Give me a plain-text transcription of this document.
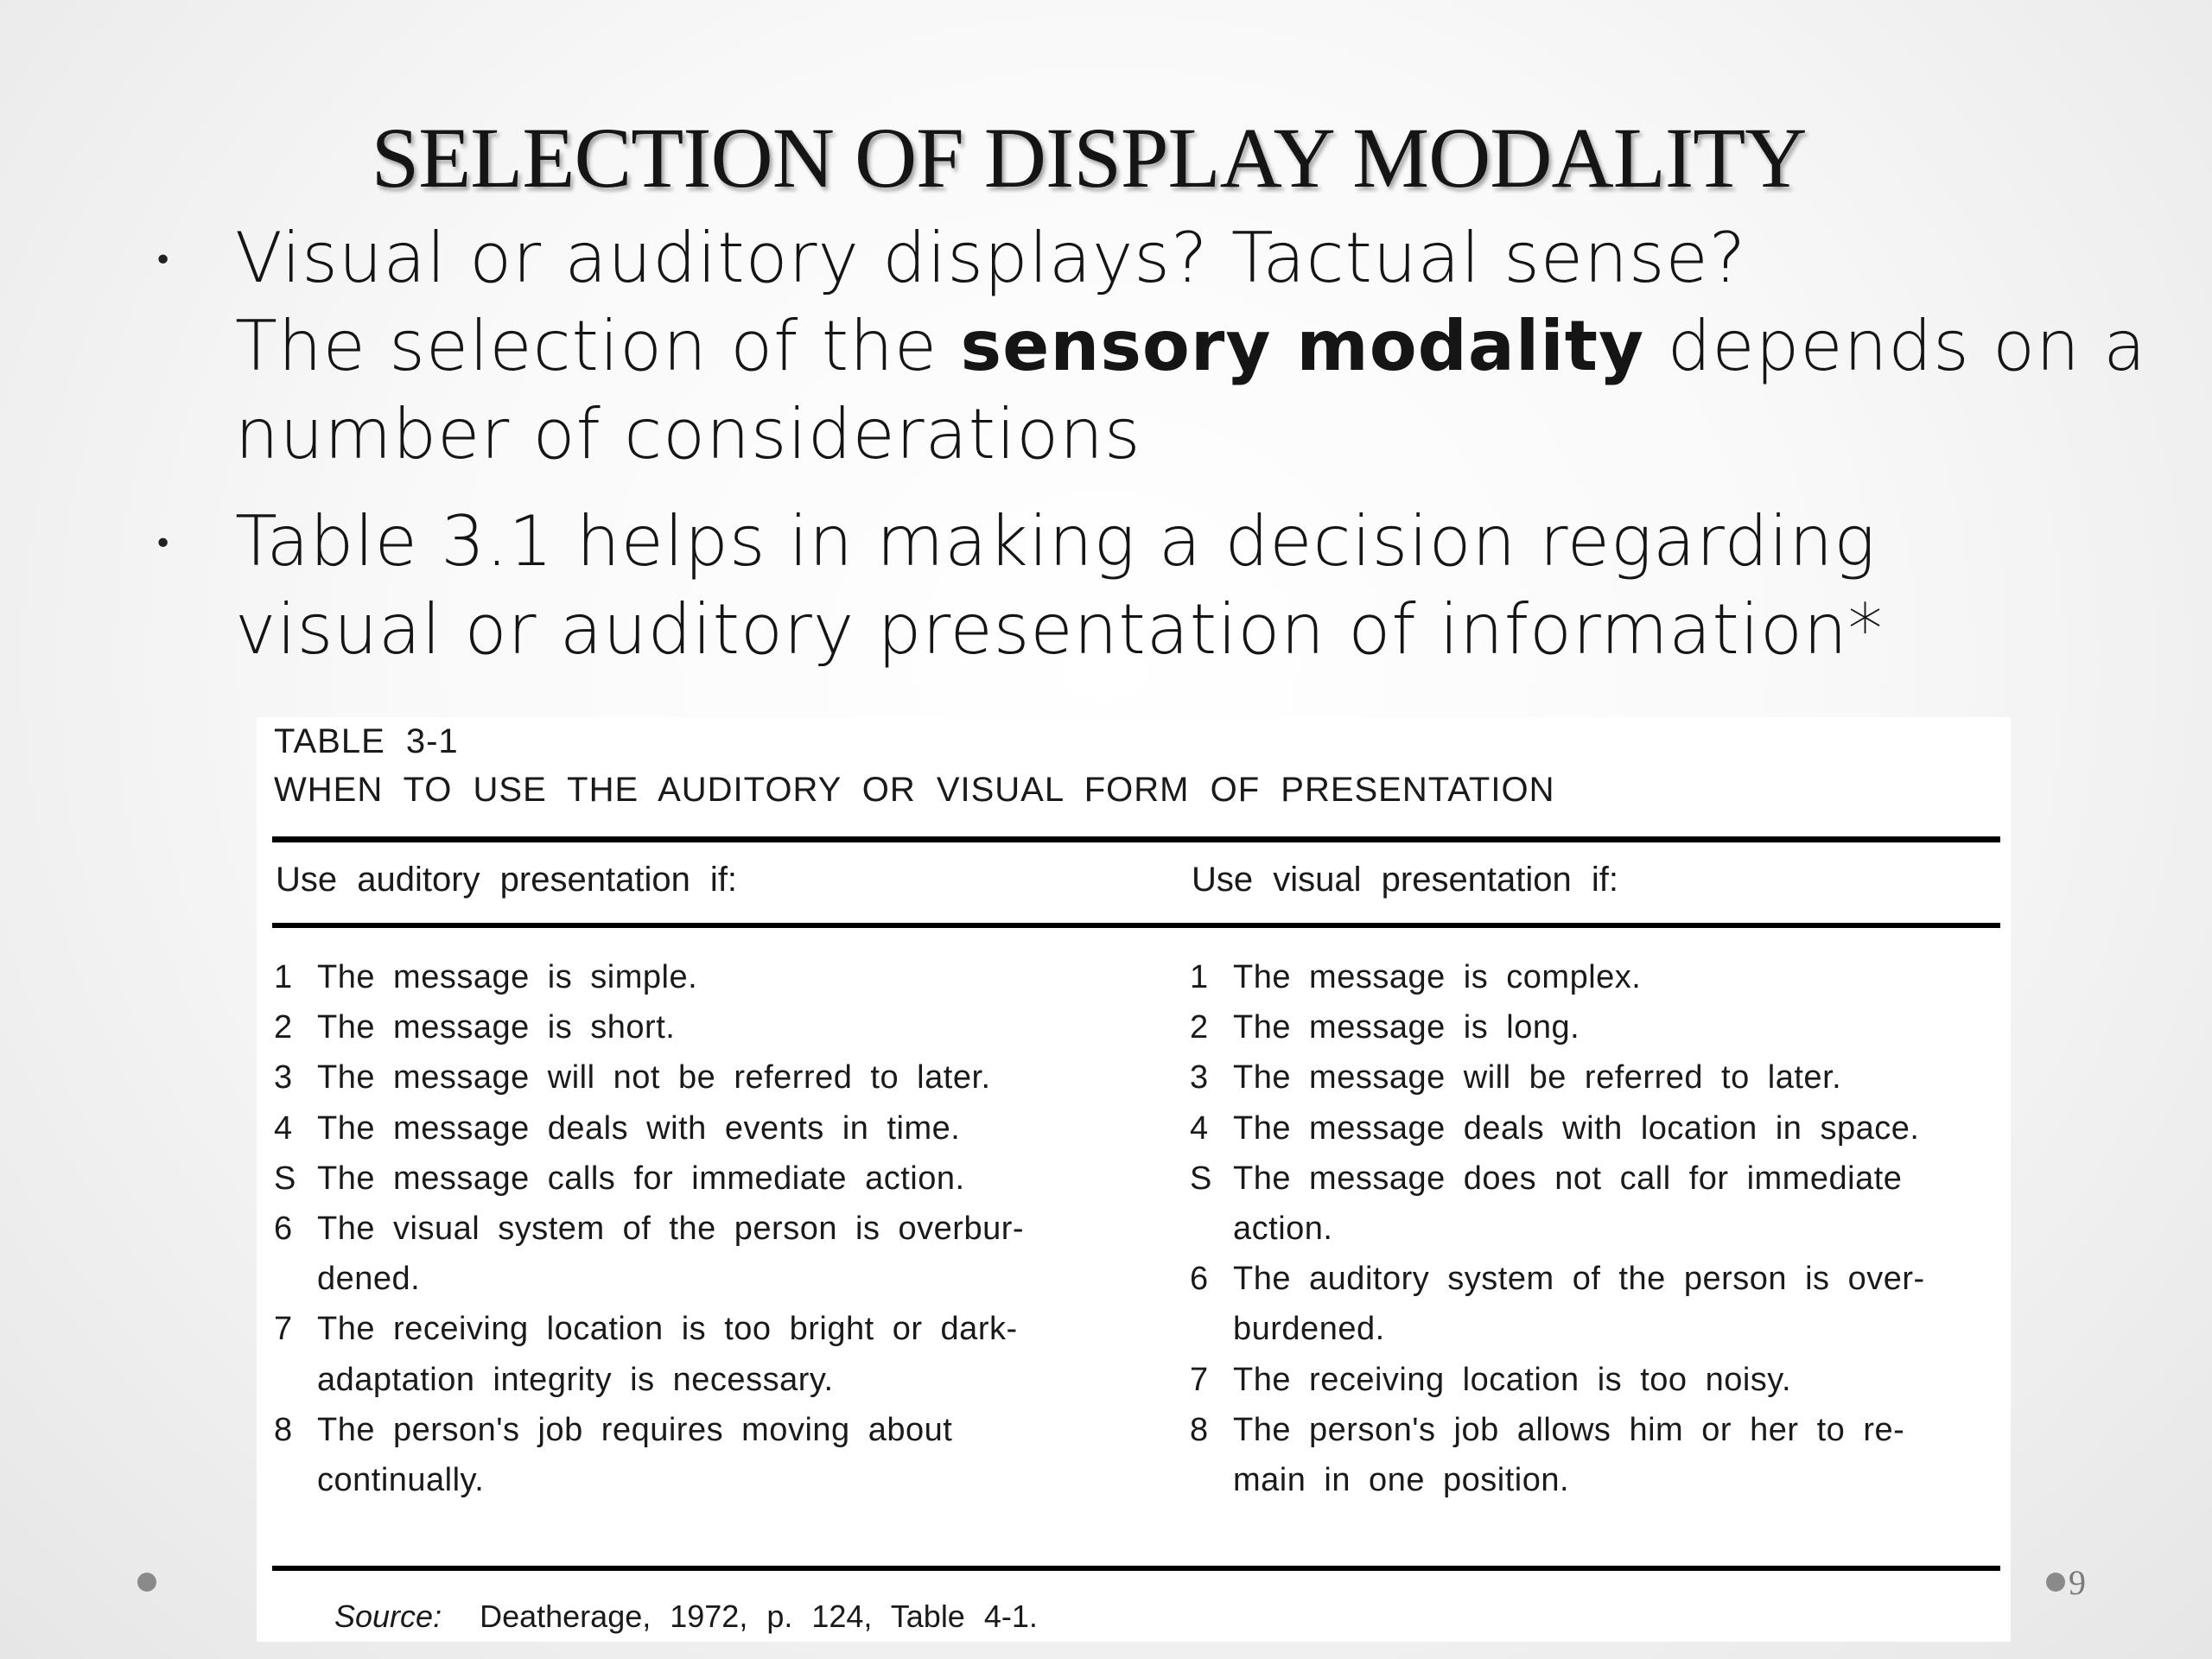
SELECTION OF DISPLAY MODALITY
• Visual or auditory displays? Tactual sense?
The selection of the sensory modality depends on a
number of considerations
• Table 3.1 helps in making a decision regarding
visual or auditory presentation of information*
TABLE 3-1
WHEN TO USE THE AUDITORY OR VISUAL FORM OF PRESENTATION
Use auditory presentation if:	Use visual presentation if:
1 The message is simple.
2 The message is short.
3 The message will not be referred to later.
4 The message deals with events in time.
S The message calls for immediate action.
6 The visual system of the person is overbur-
dened.
7 The receiving location is too bright or dark-
adaptation integrity is necessary.
8 The person's job requires moving about
continually.
1 The message is complex.
2 The message is long.
3 The message will be referred to later.
4 The message deals with location in space.
S The message does not call for immediate
action.
6 The auditory system of the person is over-
burdened.
7 The receiving location is too noisy.
8 The person's job allows him or her to re-
main in one position.
Source: Deatherage, 1972, p. 124, Table 4-1.
9
